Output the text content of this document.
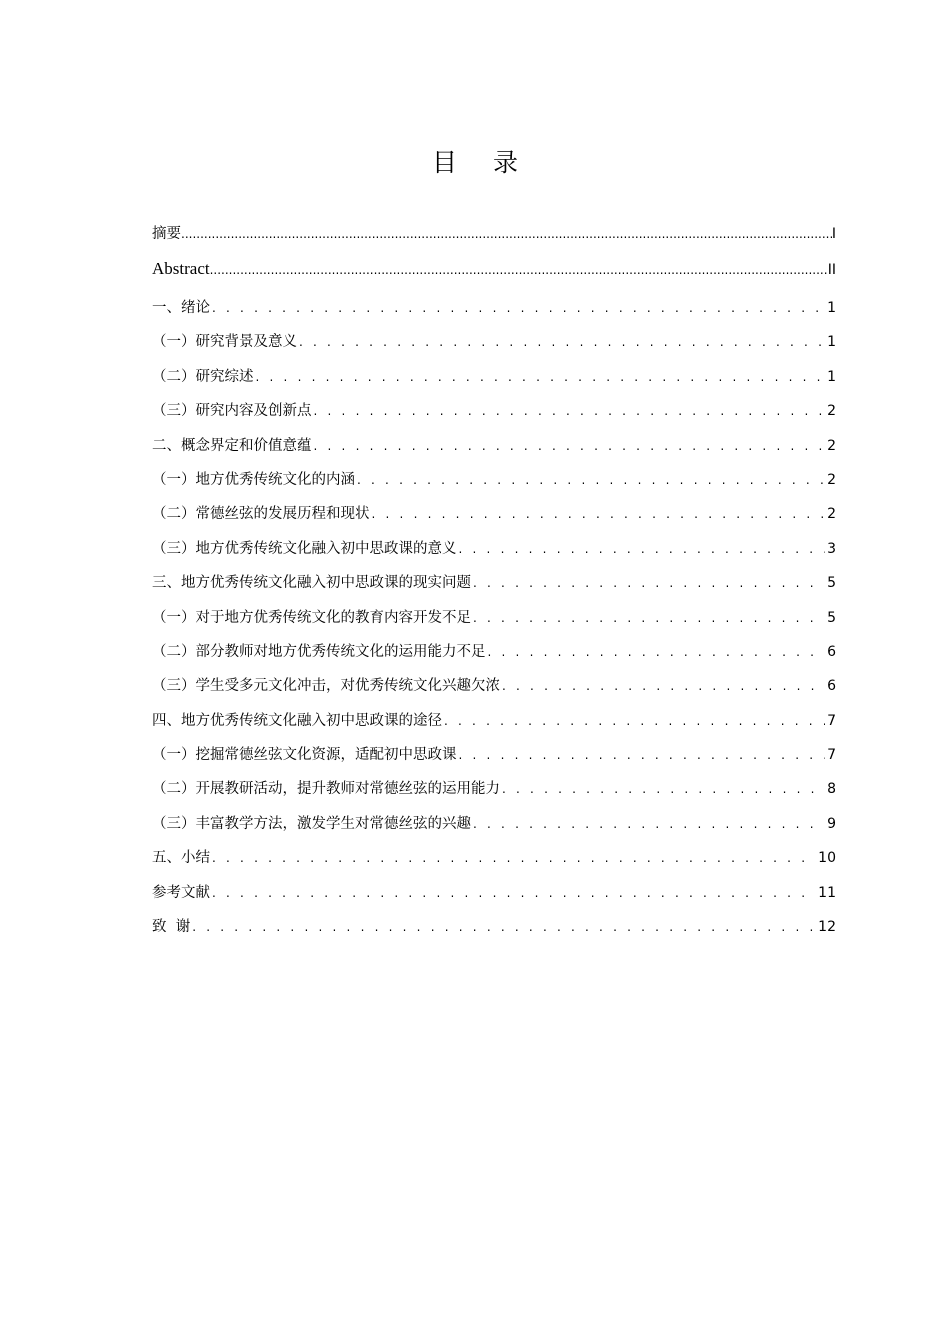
目 录
摘要 .....	I
Abstract .....	II
一、绪论 . . .	1
（一）研究背景及意义 . . .	1
（二）研究综述 . . .	1
（三）研究内容及创新点 . . .	2
二、概念界定和价值意蕴 . . .	2
（一）地方优秀传统文化的内涵 . . .	2
（二）常德丝弦的发展历程和现状 . . .	2
（三）地方优秀传统文化融入初中思政课的意义 . . .	3
三、地方优秀传统文化融入初中思政课的现实问题 . . .	5
（一）对于地方优秀传统文化的教育内容开发不足 . . .	5
（二）部分教师对地方优秀传统文化的运用能力不足 . . .	6
（三）学生受多元文化冲击，对优秀传统文化兴趣欠浓 . . .	6
四、地方优秀传统文化融入初中思政课的途径 . . .	7
（一）挖掘常德丝弦文化资源，适配初中思政课 . . .	7
（二）开展教研活动，提升教师对常德丝弦的运用能力 . . .	8
（三）丰富教学方法，激发学生对常德丝弦的兴趣 . . .	9
五、小结 . . .	10
参考文献 . . .	11
致  谢 . . .	12
